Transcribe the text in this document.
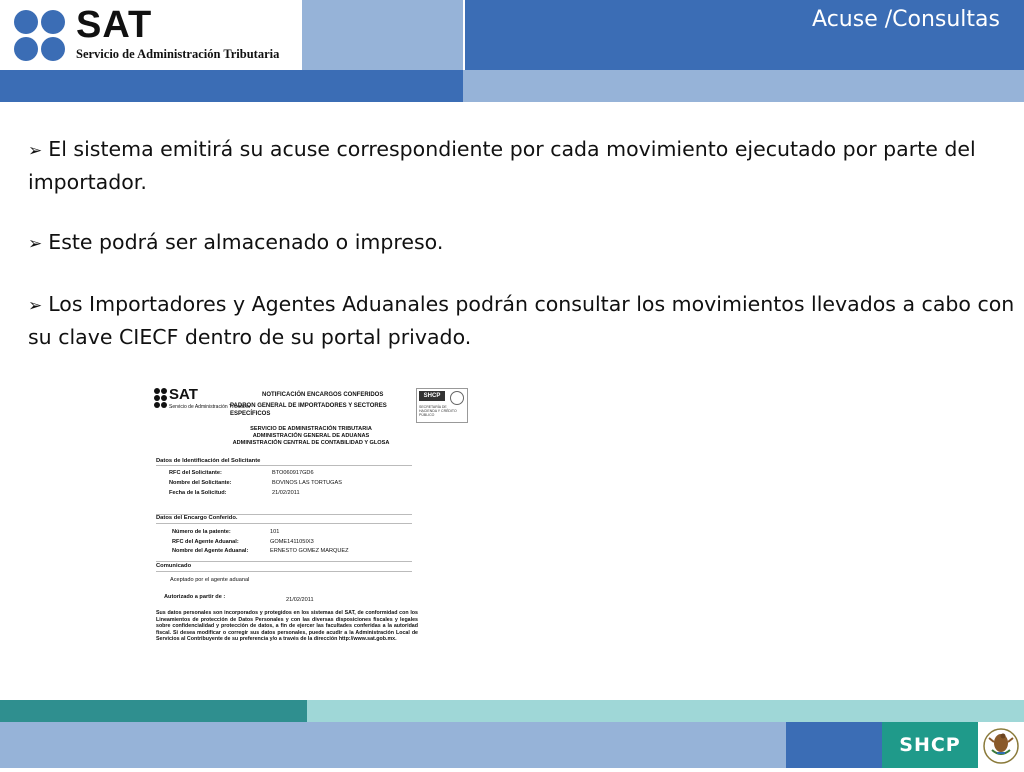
SAT
Servicio de Administración Tributaria
Acuse /Consultas
➢ El sistema emitirá su acuse correspondiente por cada movimiento ejecutado por parte del importador.
➢ Este podrá ser almacenado o impreso.
➢ Los Importadores y Agentes Aduanales podrán consultar los movimientos llevados a cabo con su clave CIECF dentro de su portal privado.
SAT
Servicio de Administración Tributaria
NOTIFICACIÓN ENCARGOS CONFERIDOS
PADRON GENERAL DE IMPORTADORES Y SECTORES ESPECÍFICOS
SHCP
SECRETARÍA DE HACIENDA Y CRÉDITO PÚBLICO
SERVICIO DE ADMINISTRACIÓN TRIBUTARIA
ADMINISTRACIÓN GENERAL DE ADUANAS
ADMINISTRACIÓN CENTRAL DE CONTABILIDAD Y GLOSA
Datos de Identificación del Solicitante
RFC del Solicitante:	BTO060917GD6
Nombre del Solicitante:	BOVINOS LAS TORTUGAS
Fecha de la Solicitud:	21/02/2011
Datos del Encargo Conferido.
Número de la patente:	101
RFC del Agente Aduanal:	GOME141105IX3
Nombre del Agente Aduanal:	ERNESTO GOMEZ MARQUEZ
Comunicado
Aceptado por el agente aduanal
Autorizado a partir de :	21/02/2011
Sus datos personales son incorporados y protegidos en los sistemas del SAT, de conformidad con los Lineamientos de protección de Datos Personales y con las diversas disposiciones fiscales y legales sobre confidencialidad y protección de datos, a fin de ejercer las facultades conferidas a la autoridad fiscal. Si desea modificar o corregir sus datos personales, puede acudir a la Administración Local de Servicios al Contribuyente de su preferencia y/o a través de la dirección http://www.sat.gob.mx.
SHCP
